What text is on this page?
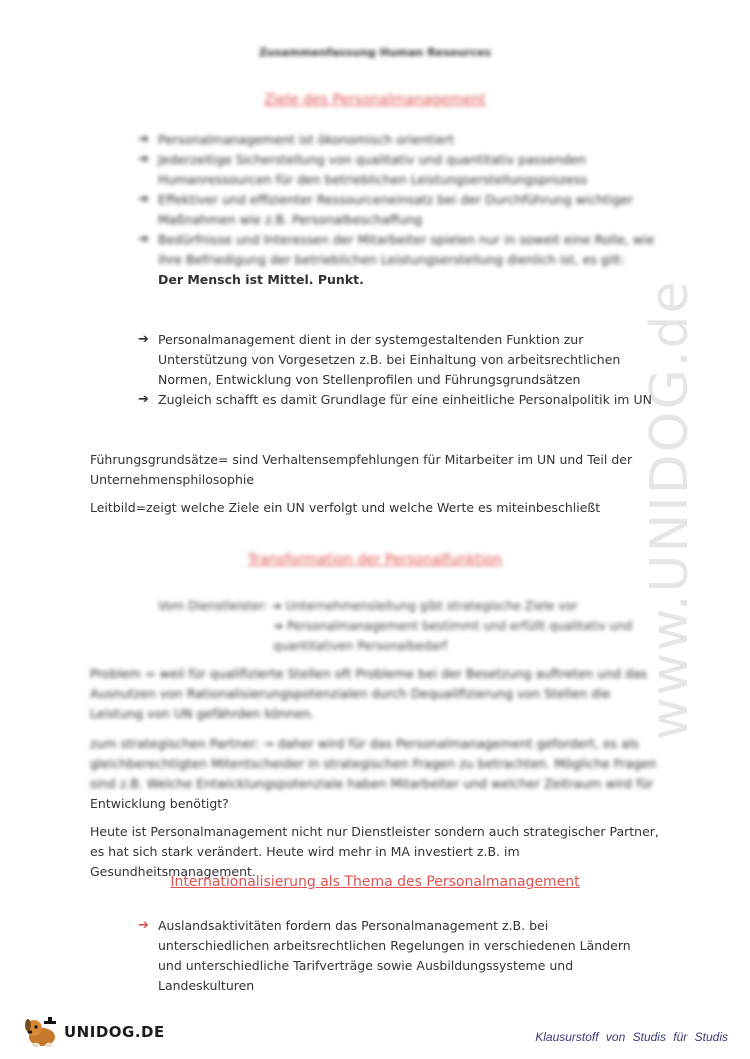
www.UNIDOG.de
Zusammenfassung Human Resources
Ziele des Personalmanagement
➔ Personalmanagement ist ökonomisch orientiert
➔ Jederzeitige Sicherstellung von qualitativ und quantitativ passenden Humanressourcen für den betrieblichen Leistungserstellungsprozess
➔ Effektiver und effizienter Ressourceneinsatz bei der Durchführung wichtiger Maßnahmen wie z.B. Personalbeschaffung
➔ Bedürfnisse und Interessen der Mitarbeiter spielen nur in soweit eine Rolle, wie ihre Befriedigung der betrieblichen Leistungserstellung dienlich ist, es gilt:
Der Mensch ist Mittel. Punkt.
➔ Personalmanagement dient in der systemgestaltenden Funktion zur Unterstützung von Vorgesetzen z.B. bei Einhaltung von arbeitsrechtlichen Normen, Entwicklung von Stellenprofilen und Führungsgrundsätzen
➔ Zugleich schafft es damit Grundlage für eine einheitliche Personalpolitik im UN
Führungsgrundsätze= sind Verhaltensempfehlungen für Mitarbeiter im UN und Teil der Unternehmensphilosophie
Leitbild=zeigt welche Ziele ein UN verfolgt und welche Werte es miteinbeschließt
Transformation der Personalfunktion
Vom Dienstleister: ➔ Unternehmensleitung gibt strategische Ziele vor
➔ Personalmanagement bestimmt und erfüllt qualitativ und quantitativen Personalbedarf
Problem = weil für qualifizierte Stellen oft Probleme bei der Besetzung auftreten und das Ausnutzen von Rationalisierungspotenzialen durch Dequalifizierung von Stellen die Leistung von UN gefährden können.
zum strategischen Partner: → daher wird für das Personalmanagement gefordert, es als gleichberechtigten Mitentscheider in strategischen Fragen zu betrachten. Mögliche Fragen sind z.B. Welche Entwicklungspotenziale haben Mitarbeiter und welcher Zeitraum wird für
Entwicklung benötigt?
Heute ist Personalmanagement nicht nur Dienstleister sondern auch strategischer Partner, es hat sich stark verändert. Heute wird mehr in MA investiert z.B. im Gesundheitsmanagement.
Internationalisierung als Thema des Personalmanagement
➔ Auslandsaktivitäten fordern das Personalmanagement z.B. bei unterschiedlichen arbeitsrechtlichen Regelungen in verschiedenen Ländern und unterschiedliche Tarifverträge sowie Ausbildungssysteme und Landeskulturen
UNIDOG.DE	Klausurstoff von Studis für Studis
